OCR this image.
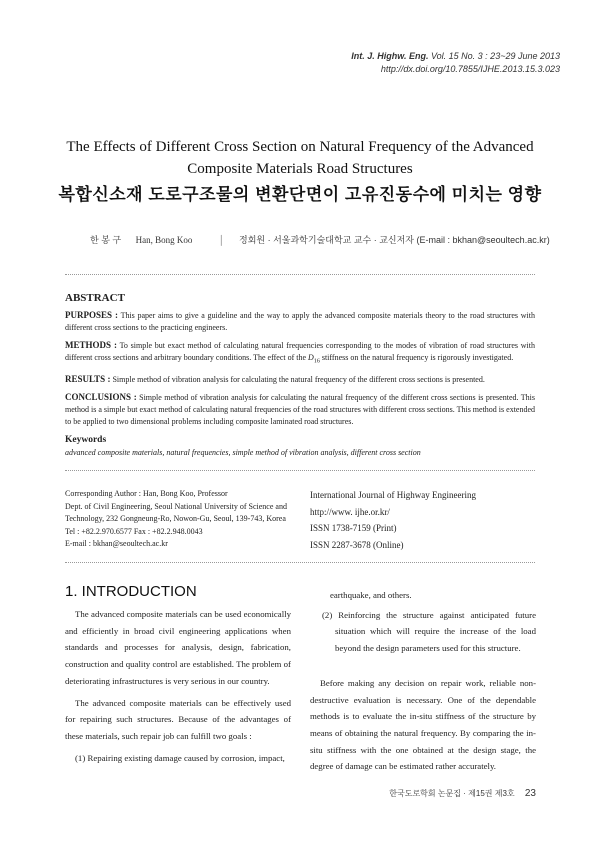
Int. J. Highw. Eng. Vol. 15 No. 3 : 23~29 June 2013
http://dx.doi.org/10.7855/IJHE.2013.15.3.023
The Effects of Different Cross Section on Natural Frequency of the Advanced
Composite Materials Road Structures
복합신소재 도로구조물의 변환단면이 고유진동수에 미치는 영향
한 봉 구 Han, Bong Koo	│ 정회원 · 서울과학기술대학교 교수 · 교신저자 (E-mail : bkhan@seoultech.ac.kr)
ABSTRACT

PURPOSES : This paper aims to give a guideline and the way to apply the advanced composite materials theory to the road structures with different cross sections to the practicing engineers.

METHODS : To simple but exact method of calculating natural frequencies corresponding to the modes of vibration of road structures with different cross sections and arbitrary boundary conditions. The effect of the $D_{16}$ stiffness on the natural frequency is rigorously investigated.

RESULTS : Simple method of vibration analysis for calculating the natural frequency of the different cross sections is presented.

CONCLUSIONS : Simple method of vibration analysis for calculating the natural frequency of the different cross sections is presented. This method is a simple but exact method of calculating natural frequencies of the road structures with different cross sections. This method is extended to be applied to two dimensional problems including composite laminated road structures.

Keywords
advanced composite materials, natural frequencies, simple method of vibration analysis, different cross section
Corresponding Author : Han, Bong Koo, Professor
Dept. of Civil Engineering, Seoul National University of Science and Technology, 232 Gongneung-Ro, Nowon-Gu, Seoul, 139-743, Korea
Tel : +82.2.970.6577 Fax : +82.2.948.0043
E-mail : bkhan@seoultech.ac.kr
International Journal of Highway Engineering
http://www. ijhe.or.kr/
ISSN 1738-7159 (Print)
ISSN 2287-3678 (Online)
1. INTRODUCTION

The advanced composite materials can be used economically and efficiently in broad civil engineering applications when standards and processes for analysis, design, fabrication, construction and quality control are established. The problem of deteriorating infrastructures is very serious in our country.

The advanced composite materials can be effectively used for repairing such structures. Because of the advantages of these materials, such repair job can fulfill two goals :

(1) Repairing existing damage caused by corrosion, impact,

earthquake, and others.

(2) Reinforcing the structure against anticipated future situation which will require the increase of the load beyond the design parameters used for this structure.

Before making any decision on repair work, reliable non-destructive evaluation is necessary. One of the dependable methods is to evaluate the in-situ stiffness of the structure by means of obtaining the natural frequency. By comparing the in-situ stiffness with the one obtained at the design stage, the degree of damage can be estimated rather accurately.

한국도로학회 논문집 · 제15권 제3호 23
